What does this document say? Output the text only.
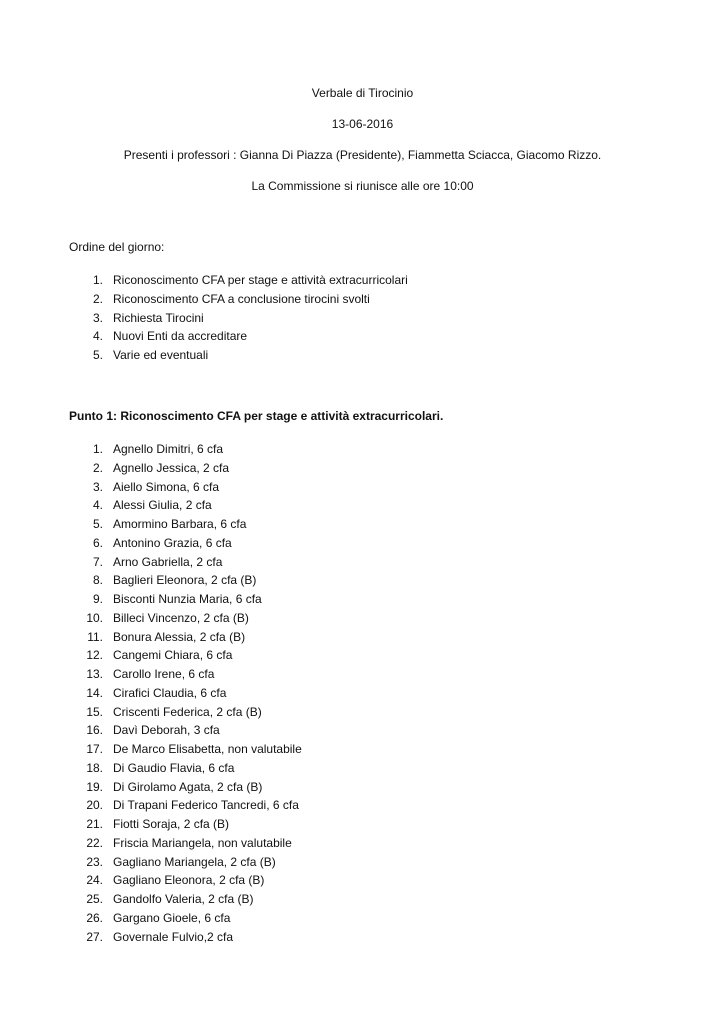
Verbale di Tirocinio
13-06-2016
Presenti i professori : Gianna Di Piazza (Presidente), Fiammetta Sciacca, Giacomo Rizzo.
La Commissione si riunisce alle ore 10:00
Ordine del giorno:
1. Riconoscimento CFA per stage e attività extracurricolari
2. Riconoscimento CFA a conclusione tirocini svolti
3. Richiesta Tirocini
4. Nuovi Enti da accreditare
5. Varie ed eventuali
Punto 1: Riconoscimento CFA per stage e attività extracurricolari.
1. Agnello Dimitri, 6 cfa
2. Agnello Jessica, 2 cfa
3. Aiello Simona, 6 cfa
4. Alessi Giulia, 2 cfa
5. Amormino Barbara, 6 cfa
6. Antonino Grazia, 6 cfa
7. Arno Gabriella, 2 cfa
8. Baglieri Eleonora, 2 cfa (B)
9. Bisconti Nunzia Maria, 6 cfa
10. Billeci Vincenzo, 2 cfa (B)
11. Bonura Alessia, 2 cfa (B)
12. Cangemi Chiara, 6 cfa
13. Carollo Irene, 6 cfa
14. Cirafici Claudia, 6 cfa
15. Criscenti Federica, 2 cfa (B)
16. Davì Deborah, 3 cfa
17. De Marco Elisabetta, non valutabile
18. Di Gaudio Flavia, 6 cfa
19. Di Girolamo Agata, 2 cfa (B)
20. Di Trapani Federico Tancredi, 6 cfa
21. Fiotti Soraja, 2 cfa (B)
22. Friscia Mariangela, non valutabile
23. Gagliano Mariangela, 2 cfa (B)
24. Gagliano Eleonora, 2 cfa (B)
25. Gandolfo Valeria, 2 cfa (B)
26. Gargano Gioele, 6 cfa
27. Governale Fulvio,2 cfa
